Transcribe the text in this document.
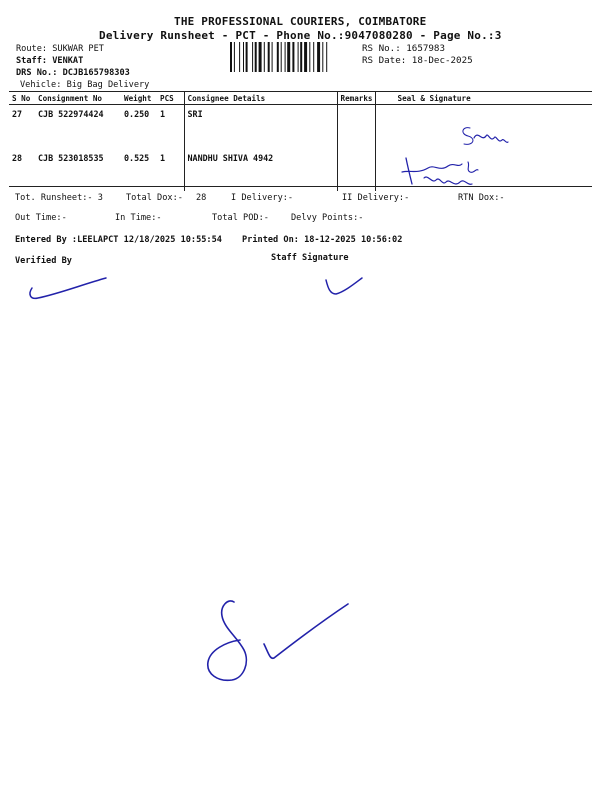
THE PROFESSIONAL COURIERS, COIMBATORE
Delivery Runsheet - PCT - Phone No.:9047080280 - Page No.:3
Route: SUKWAR PET
Staff: VENKAT
DRS No.: DCJB165798303
Vehicle: Big Bag Delivery
RS No.: 1657983
RS Date: 18-Dec-2025
S No	Consignment No	Weight	PCS	Consignee Details	Remarks	Seal & Signature
27	CJB 522974424	0.250	1	SRI		
28	CJB 523018535	0.525	1	NANDHU SHIVA 4942		
Tot. Runsheet:- 3	Total Dox:- 28	I Delivery:-	II Delivery:-	RTN Dox:-
Out Time:-	In Time:-	Total POD:-	Delvy Points:-
Entered By :LEELAPCT 12/18/2025 10:55:54 Printed On: 18-12-2025 10:56:02
Verified By	Staff Signature
